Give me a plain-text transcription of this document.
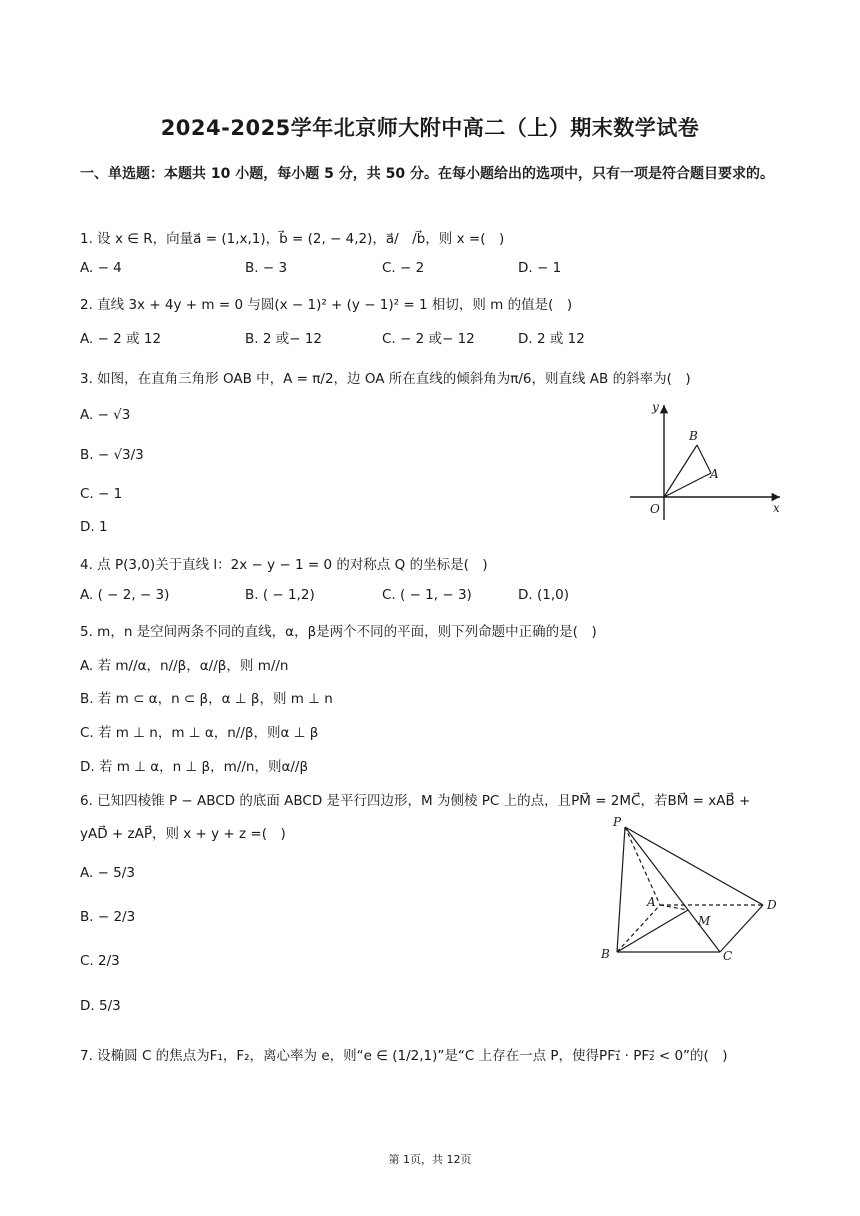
2024-2025学年北京师大附中高二（上）期末数学试卷
一、单选题：本题共 10 小题，每小题 5 分，共 50 分。在每小题给出的选项中，只有一项是符合题目要求的。
1. 设 x ∈ R，向量a⃗ = (1,x,1)，b⃗ = (2, − 4,2)，a⃗/　/b⃗，则 x =(　)
A. − 4	B. − 3	C. − 2	D. − 1
2. 直线 3x + 4y + m = 0 与圆(x − 1)² + (y − 1)² = 1 相切，则 m 的值是(　)
A. − 2 或 12	B. 2 或− 12	C. − 2 或− 12	D. 2 或 12
3. 如图，在直角三角形 OAB 中，A = π/2，边 OA 所在直线的倾斜角为π/6，则直线 AB 的斜率为(　)
A. − √3
B. − √3/3
C. − 1
D. 1
y
x
O
A
B
4. 点 P(3,0)关于直线 l：2x − y − 1 = 0 的对称点 Q 的坐标是(　)
A. ( − 2, − 3)	B. ( − 1,2)	C. ( − 1, − 3)	D. (1,0)
5. m，n 是空间两条不同的直线，α，β是两个不同的平面，则下列命题中正确的是(　)
A. 若 m//α，n//β，α//β，则 m//n
B. 若 m ⊂ α，n ⊂ β，α ⊥ β，则 m ⊥ n
C. 若 m ⊥ n，m ⊥ α，n//β，则α ⊥ β
D. 若 m ⊥ α，n ⊥ β，m//n，则α//β
6. 已知四棱锥 P − ABCD 的底面 ABCD 是平行四边形，M 为侧棱 PC 上的点，且PM⃗ = 2MC⃗，若BM⃗ = xAB⃗ +
yAD⃗ + zAP⃗，则 x + y + z =(　)
A. − 5/3
B. − 2/3
C. 2/3
D. 5/3
P
A
M
D
B	C
7. 设椭圆 C 的焦点为F₁，F₂，离心率为 e，则“e ∈ (1/2,1)”是“C 上存在一点 P，使得PF₁⃗ · PF₂⃗ < 0”的(　)
第 1页，共 12页
